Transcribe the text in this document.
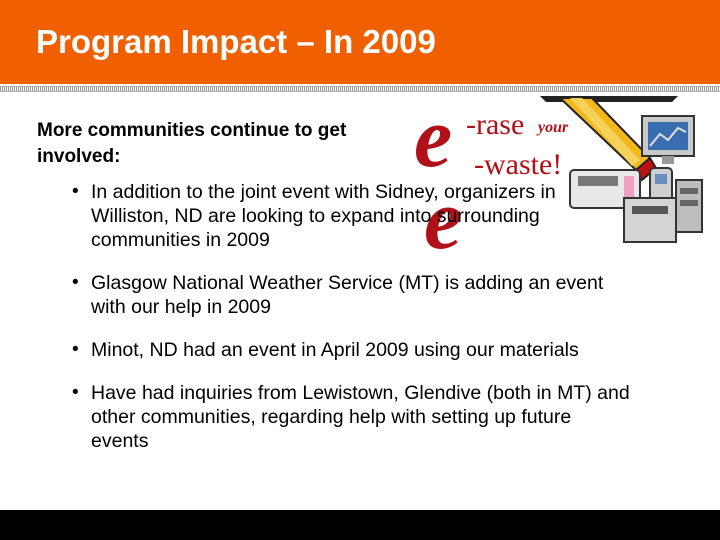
Program Impact – In 2009

More communities continue to get involved:	e
e
-rase your
-waste!
• In addition to the joint event with Sidney, organizers in Williston, ND are looking to expand into surrounding communities in 2009
• Glasgow National Weather Service (MT) is adding an event with our help in 2009
• Minot, ND had an event in April 2009 using our materials
• Have had inquiries from Lewistown, Glendive (both in MT) and other communities, regarding help with setting up future events
